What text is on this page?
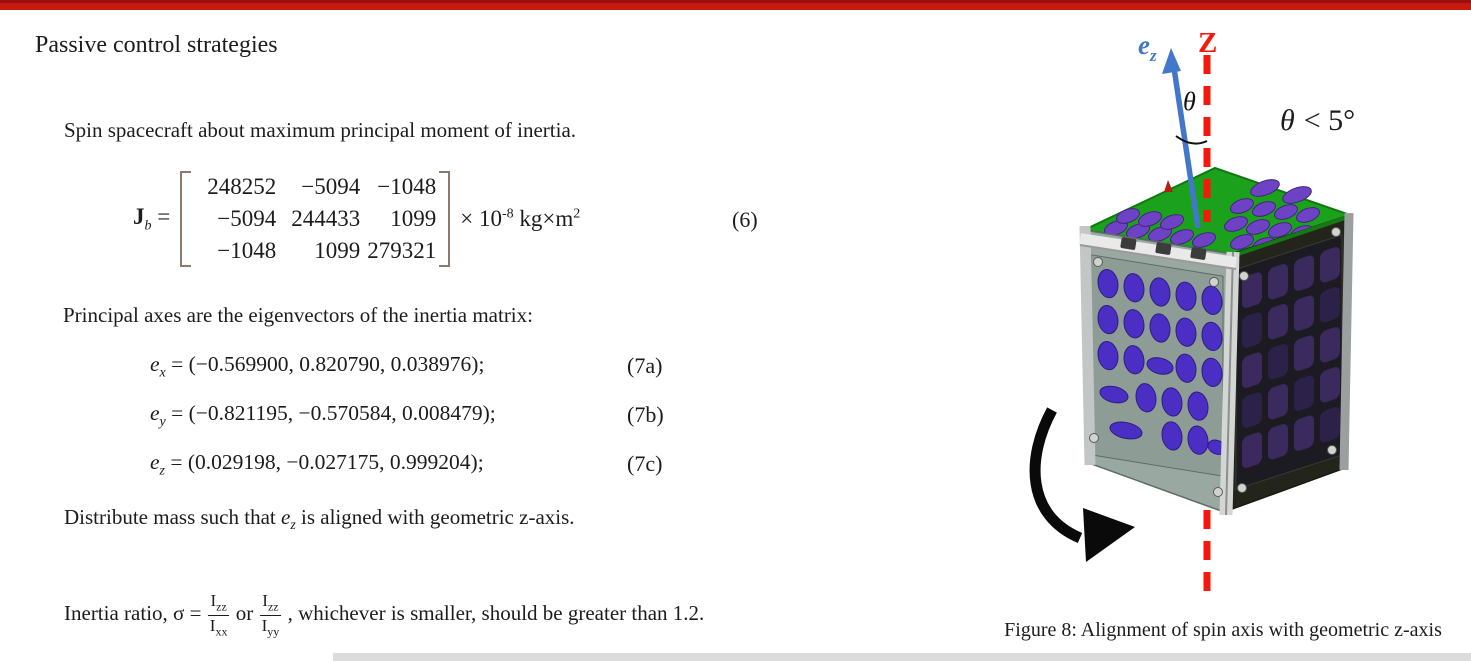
Passive control strategies
Spin spacecraft about maximum principal moment of inertia.
$J_b$ =
248252	−5094 −1048
−5094 244433	1099
−1048	1099 279321
× $10^{-8}$ $kg\times m^2$	(6)
Principal axes are the eigenvectors of the inertia matrix:
$e_x = (-0.569900$, 0.820790, 0.038976);	(7a)
$e_y = (-0.821195$, −0.570584, 0.008479);	(7b)
$e_z = (0.029198$, −0.027175, 0.999204);	(7c)
Distribute mass such that $e_z$ is aligned with geometric z-axis.
Inertia ratio, $\sigma = \frac{I_{zz}}{I_{xx}}$ or $\frac{I_{zz}}{I_{yy}}$ , whichever is smaller, should be greater than 1.2.
$e_z$ Z
θ
θ < 5°
Figure 8: Alignment of spin axis with geometric z-axis
